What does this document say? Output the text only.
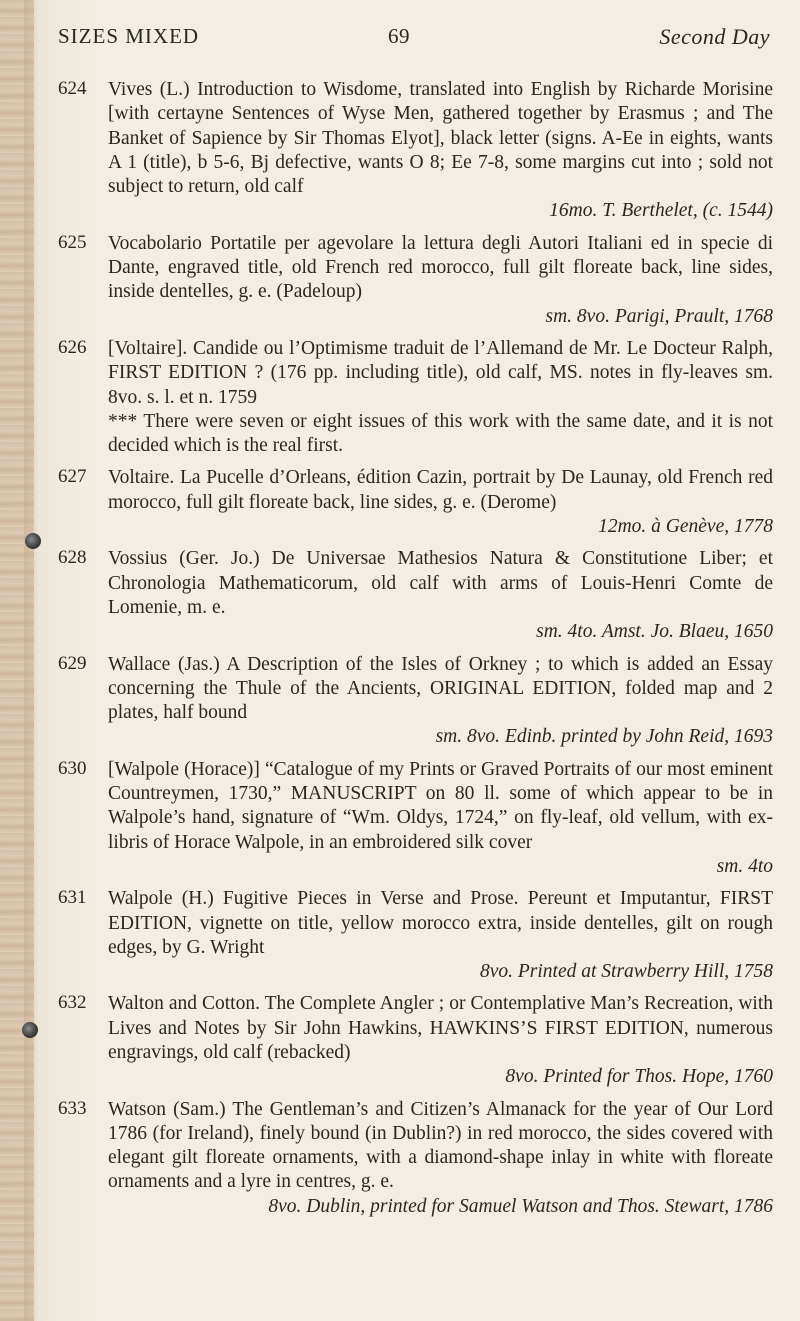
SIZES MIXED	69	Second Day
624	Vives (L.) Introduction to Wisdome, translated into English by Richarde Morisine [with certayne Sentences of Wyse Men, gathered together by Erasmus ; and The Banket of Sapience by Sir Thomas Elyot], black letter (signs. A-Ee in eights, wants A 1 (title), b 5-6, Bj defective, wants O 8; Ee 7-8, some margins cut into ; sold not subject to return, old calf
16mo. T. Berthelet, (c. 1544)
625	Vocabolario Portatile per agevolare la lettura degli Autori Italiani ed in specie di Dante, engraved title, old French red morocco, full gilt floreate back, line sides, inside dentelles, g. e. (Padeloup)
sm. 8vo. Parigi, Prault, 1768
626	[Voltaire]. Candide ou l’Optimisme traduit de l’Allemand de Mr. Le Docteur Ralph, FIRST EDITION ? (176 pp. including title), old calf, MS. notes in fly-leaves sm. 8vo. s. l. et n. 1759
*** There were seven or eight issues of this work with the same date, and it is not decided which is the real first.
627	Voltaire. La Pucelle d’Orleans, édition Cazin, portrait by De Launay, old French red morocco, full gilt floreate back, line sides, g. e. (Derome)
12mo. à Genève, 1778
628	Vossius (Ger. Jo.) De Universae Mathesios Natura & Constitutione Liber; et Chronologia Mathematicorum, old calf with arms of Louis-Henri Comte de Lomenie, m. e.
sm. 4to. Amst. Jo. Blaeu, 1650
629	Wallace (Jas.) A Description of the Isles of Orkney ; to which is added an Essay concerning the Thule of the Ancients, ORIGINAL EDITION, folded map and 2 plates, half bound
sm. 8vo. Edinb. printed by John Reid, 1693
630	[Walpole (Horace)] “Catalogue of my Prints or Graved Portraits of our most eminent Countreymen, 1730,” MANUSCRIPT on 80 ll. some of which appear to be in Walpole’s hand, signature of “Wm. Oldys, 1724,” on fly-leaf, old vellum, with ex-libris of Horace Walpole, in an embroidered silk cover
sm. 4to
631	Walpole (H.) Fugitive Pieces in Verse and Prose. Pereunt et Imputantur, FIRST EDITION, vignette on title, yellow morocco extra, inside dentelles, gilt on rough edges, by G. Wright
8vo. Printed at Strawberry Hill, 1758
632	Walton and Cotton. The Complete Angler ; or Contemplative Man’s Recreation, with Lives and Notes by Sir John Hawkins, HAWKINS’S FIRST EDITION, numerous engravings, old calf (rebacked)
8vo. Printed for Thos. Hope, 1760
633	Watson (Sam.) The Gentleman’s and Citizen’s Almanack for the year of Our Lord 1786 (for Ireland), finely bound (in Dublin?) in red morocco, the sides covered with elegant gilt floreate ornaments, with a diamond-shape inlay in white with floreate ornaments and a lyre in centres, g. e.
8vo. Dublin, printed for Samuel Watson and Thos. Stewart, 1786
